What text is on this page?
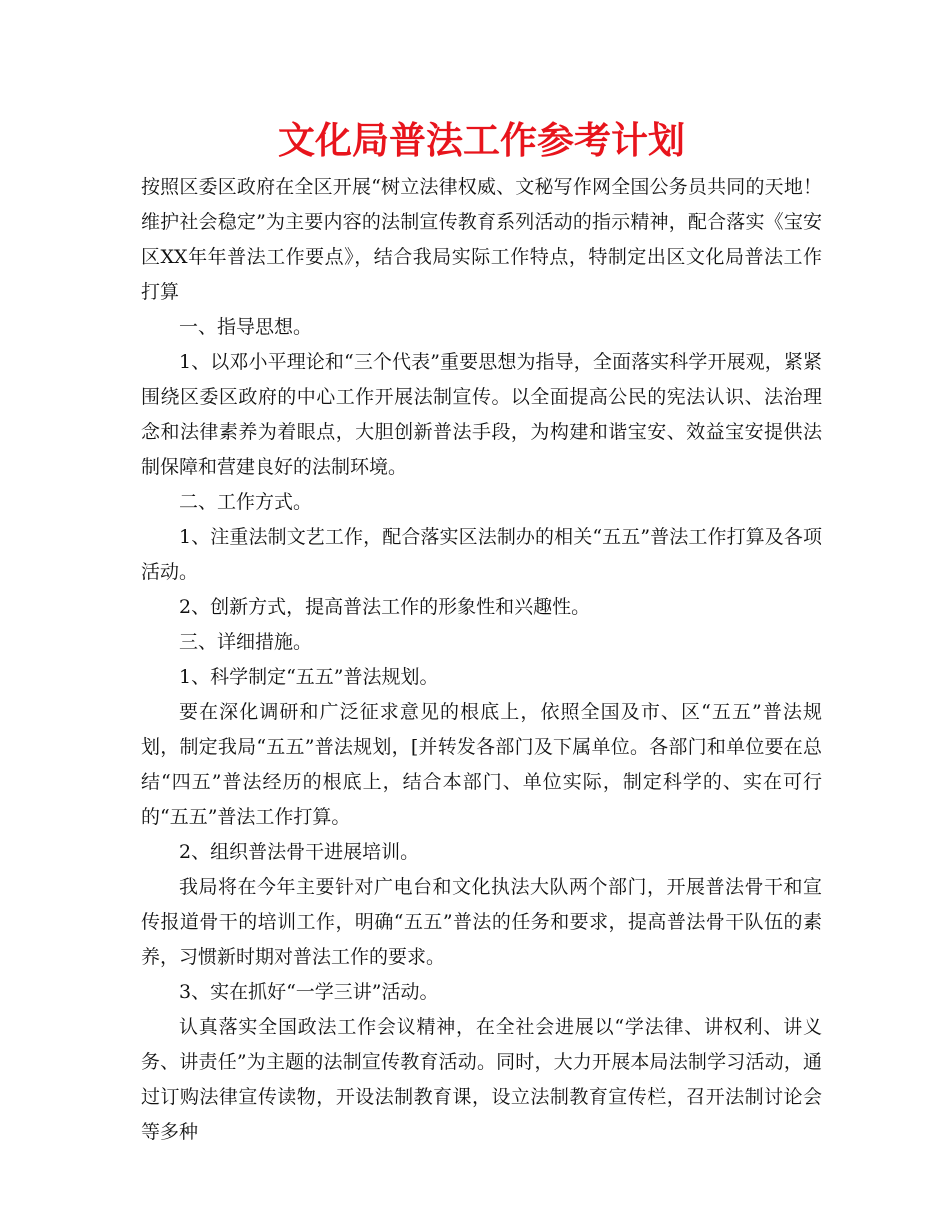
文化局普法工作参考计划

按照区委区政府在全区开展“树立法律权威、文秘写作网全国公务员共同的天地！维护社会稳定”为主要内容的法制宣传教育系列活动的指示精神，配合落实《宝安区XX年年普法工作要点》，结合我局实际工作特点，特制定出区文化局普法工作打算

一、指导思想。

1、以邓小平理论和“三个代表”重要思想为指导，全面落实科学开展观，紧紧围绕区委区政府的中心工作开展法制宣传。以全面提高公民的宪法认识、法治理念和法律素养为着眼点，大胆创新普法手段，为构建和谐宝安、效益宝安提供法制保障和营建良好的法制环境。

二、工作方式。

1、注重法制文艺工作，配合落实区法制办的相关“五五”普法工作打算及各项活动。

2、创新方式，提高普法工作的形象性和兴趣性。

三、详细措施。

1、科学制定“五五”普法规划。

要在深化调研和广泛征求意见的根底上，依照全国及市、区“五五”普法规划，制定我局“五五”普法规划，[并转发各部门及下属单位。各部门和单位要在总结“四五”普法经历的根底上，结合本部门、单位实际，制定科学的、实在可行的“五五”普法工作打算。

2、组织普法骨干进展培训。

我局将在今年主要针对广电台和文化执法大队两个部门，开展普法骨干和宣传报道骨干的培训工作，明确“五五”普法的任务和要求，提高普法骨干队伍的素养，习惯新时期对普法工作的要求。

3、实在抓好“一学三讲”活动。

认真落实全国政法工作会议精神，在全社会进展以“学法律、讲权利、讲义务、讲责任”为主题的法制宣传教育活动。同时，大力开展本局法制学习活动，通过订购法律宣传读物，开设法制教育课，设立法制教育宣传栏，召开法制讨论会等多种
